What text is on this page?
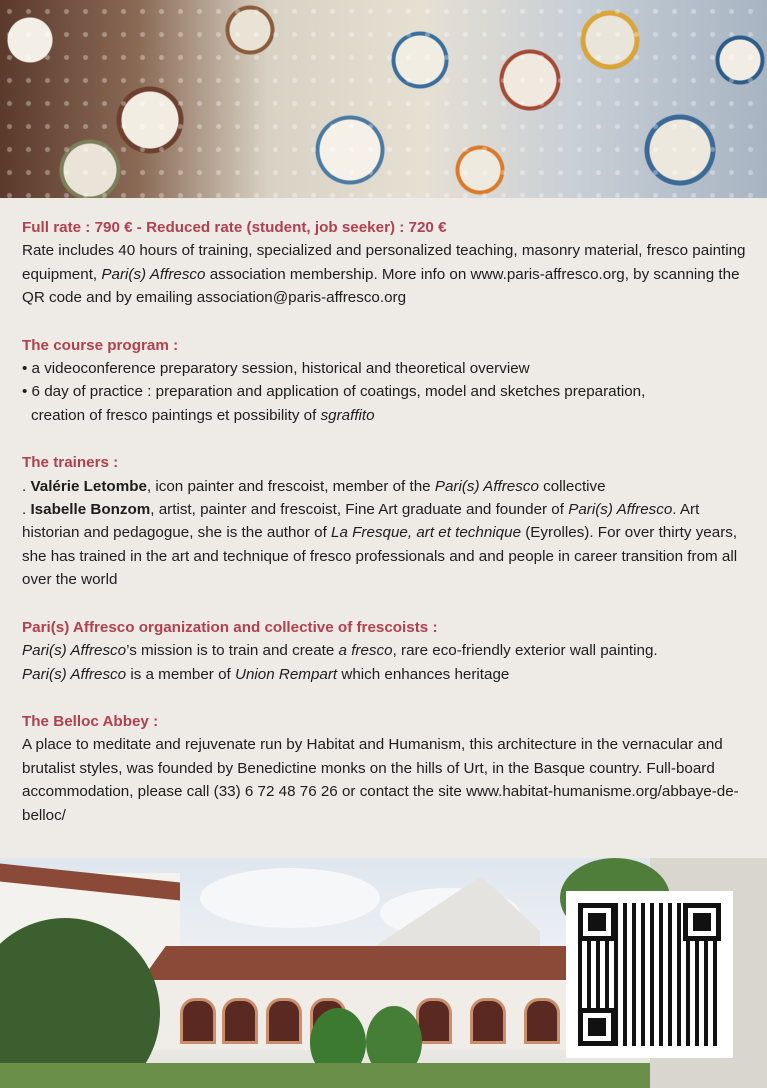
Full rate : 790 € - Reduced rate (student, job seeker) : 720 €

Rate includes 40 hours of training, specialized and personalized teaching, masonry material, fresco painting equipment, Pari(s) Affresco association membership. More info on www.paris-affresco.org, by scanning the QR code and by emailing association@paris-affresco.org

The course program :

• a videoconference preparatory session, historical and theoretical overview

• 6 day of practice : preparation and application of coatings, model and sketches preparation,

creation of fresco paintings et possibility of sgraffito

The trainers :

. Valérie Letombe, icon painter and frescoist, member of the Pari(s) Affresco collective

. Isabelle Bonzom, artist, painter and frescoist, Fine Art graduate and founder of Pari(s) Affresco. Art historian and pedagogue, she is the author of La Fresque, art et technique (Eyrolles). For over thirty years, she has trained in the art and technique of fresco professionals and and people in career transition from all over the world

Pari(s) Affresco organization and collective of frescoists :

Pari(s) Affresco’s mission is to train and create a fresco, rare eco-friendly exterior wall painting.

Pari(s) Affresco is a member of Union Rempart which enhances heritage

The Belloc Abbey :

A place to meditate and rejuvenate run by Habitat and Humanism, this architecture in the vernacular and brutalist styles, was founded by Benedictine monks on the hills of Urt, in the Basque country. Full-board accommodation, please call (33) 6 72 48 76 26 or contact the site www.habitat-humanisme.org/abbaye-de-belloc/
